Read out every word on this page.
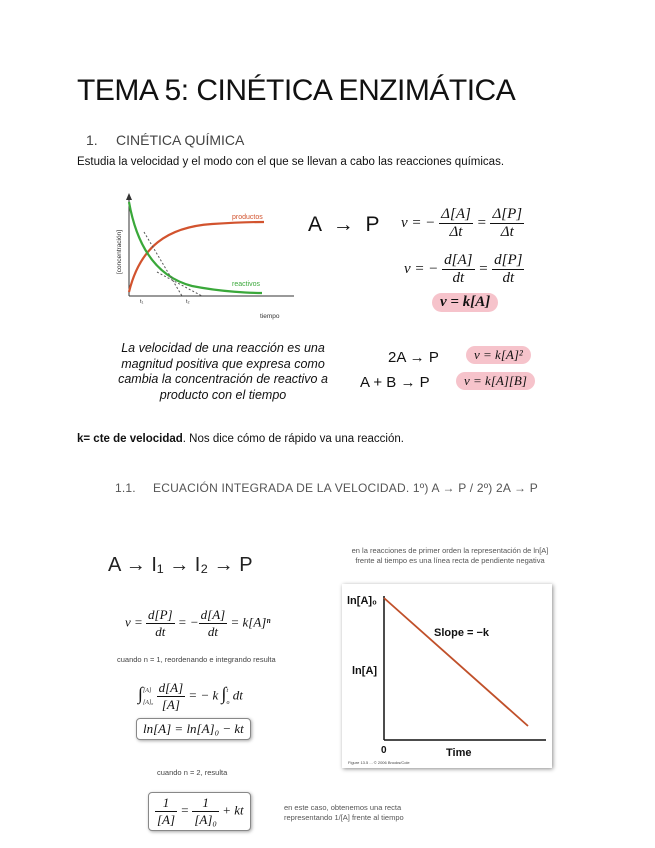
TEMA 5: CINÉTICA ENZIMÁTICA
1. CINÉTICA QUÍMICA
Estudia la velocidad y el modo con el que se llevan a cabo las reacciones químicas.
[concentración]
tiempo
productos
reactivos
t₁	t₂
A → P v = − $\frac{\Delta[A]}{\Delta t} = \frac{\Delta[P]}{\Delta t}$
v = − $\frac{d[A]}{dt} = \frac{d[P]}{dt}$
v = k[A]
La velocidad de una reacción es una magnitud positiva que expresa como cambia la concentración de reactivo a producto con el tiempo
2A → P	v = k[A]²
A + B → P	v = k[A][B]
k= cte de velocidad. Nos dice cómo de rápido va una reacción.
1.1. ECUACIÓN INTEGRADA DE LA VELOCIDAD. 1º) A → P / 2º) 2A → P
A → I₁ → I₂ → P
$v = \frac{d[P]}{dt}$ = − $\frac{d[A]}{dt} = k[A]^n$
cuando n = 1, reordenando e integrando resulta
∫ [A]
[A]₀
$\frac{d[A]}{[A]}$ = − k ∫ t
o
dt
ln[A] = ln[A]₀ − kt
cuando n = 2, resulta
$\frac{1}{[A]} = \frac{1}{\text{[A]₀}}$ + kt	en este caso, obtenemos una recta representando 1/[A] frente al tiempo
en la reacciones de primer orden la representación de ln[A] frente al tiempo es una línea recta de pendiente negativa
ln[A]₀
ln[A]
0	Time
Slope = −k
Figure 13.5 ... © 2006 Brooks/Cole
